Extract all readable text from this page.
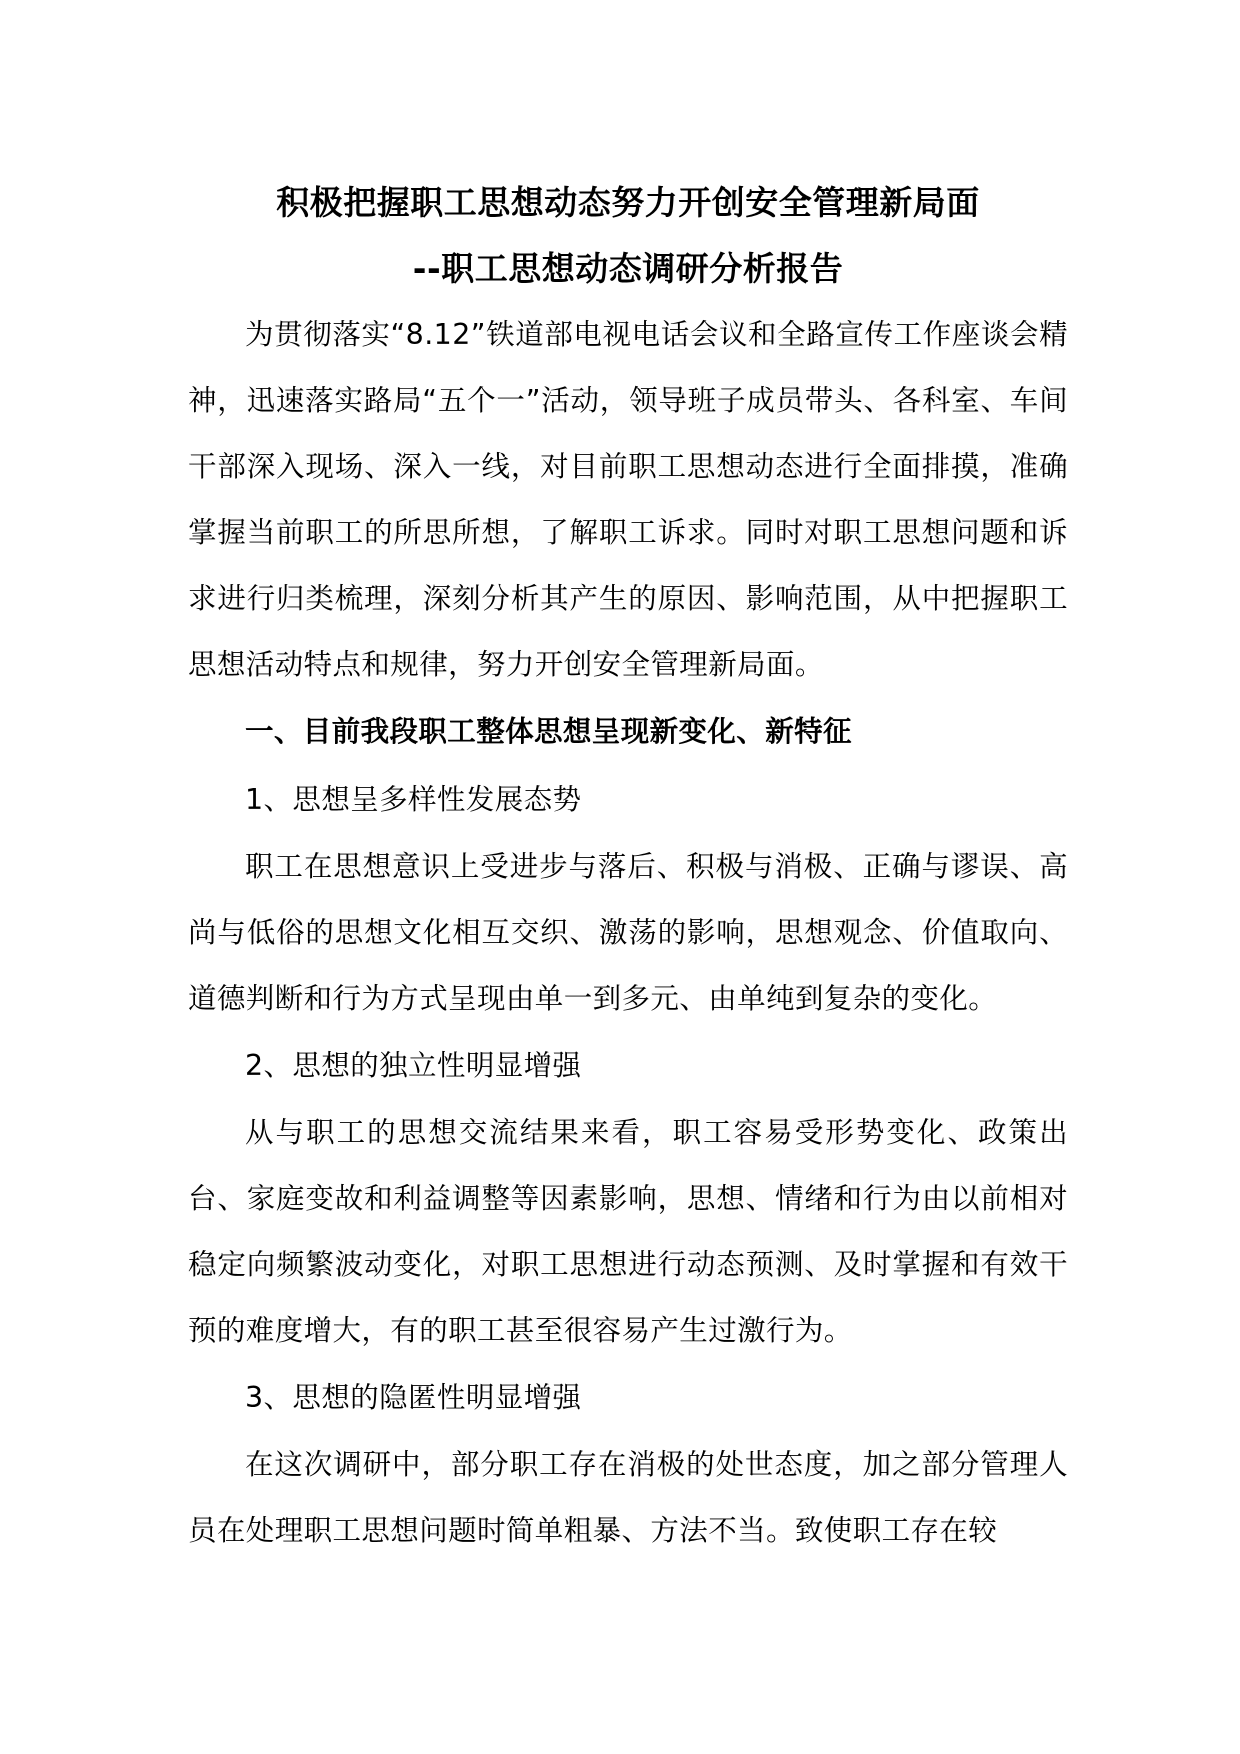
积极把握职工思想动态努力开创安全管理新局面
--职工思想动态调研分析报告

为贯彻落实“8.12”铁道部电视电话会议和全路宣传工作座谈会精神，迅速落实路局“五个一”活动，领导班子成员带头、各科室、车间干部深入现场、深入一线，对目前职工思想动态进行全面排摸，准确掌握当前职工的所思所想，了解职工诉求。同时对职工思想问题和诉求进行归类梳理，深刻分析其产生的原因、影响范围，从中把握职工思想活动特点和规律，努力开创安全管理新局面。

一、目前我段职工整体思想呈现新变化、新特征

1、思想呈多样性发展态势

职工在思想意识上受进步与落后、积极与消极、正确与谬误、高尚与低俗的思想文化相互交织、激荡的影响，思想观念、价值取向、道德判断和行为方式呈现由单一到多元、由单纯到复杂的变化。

2、思想的独立性明显增强

从与职工的思想交流结果来看，职工容易受形势变化、政策出台、家庭变故和利益调整等因素影响，思想、情绪和行为由以前相对稳定向频繁波动变化，对职工思想进行动态预测、及时掌握和有效干预的难度增大，有的职工甚至很容易产生过激行为。

3、思想的隐匿性明显增强

在这次调研中，部分职工存在消极的处世态度，加之部分管理人员在处理职工思想问题时简单粗暴、方法不当。致使职工存在较
